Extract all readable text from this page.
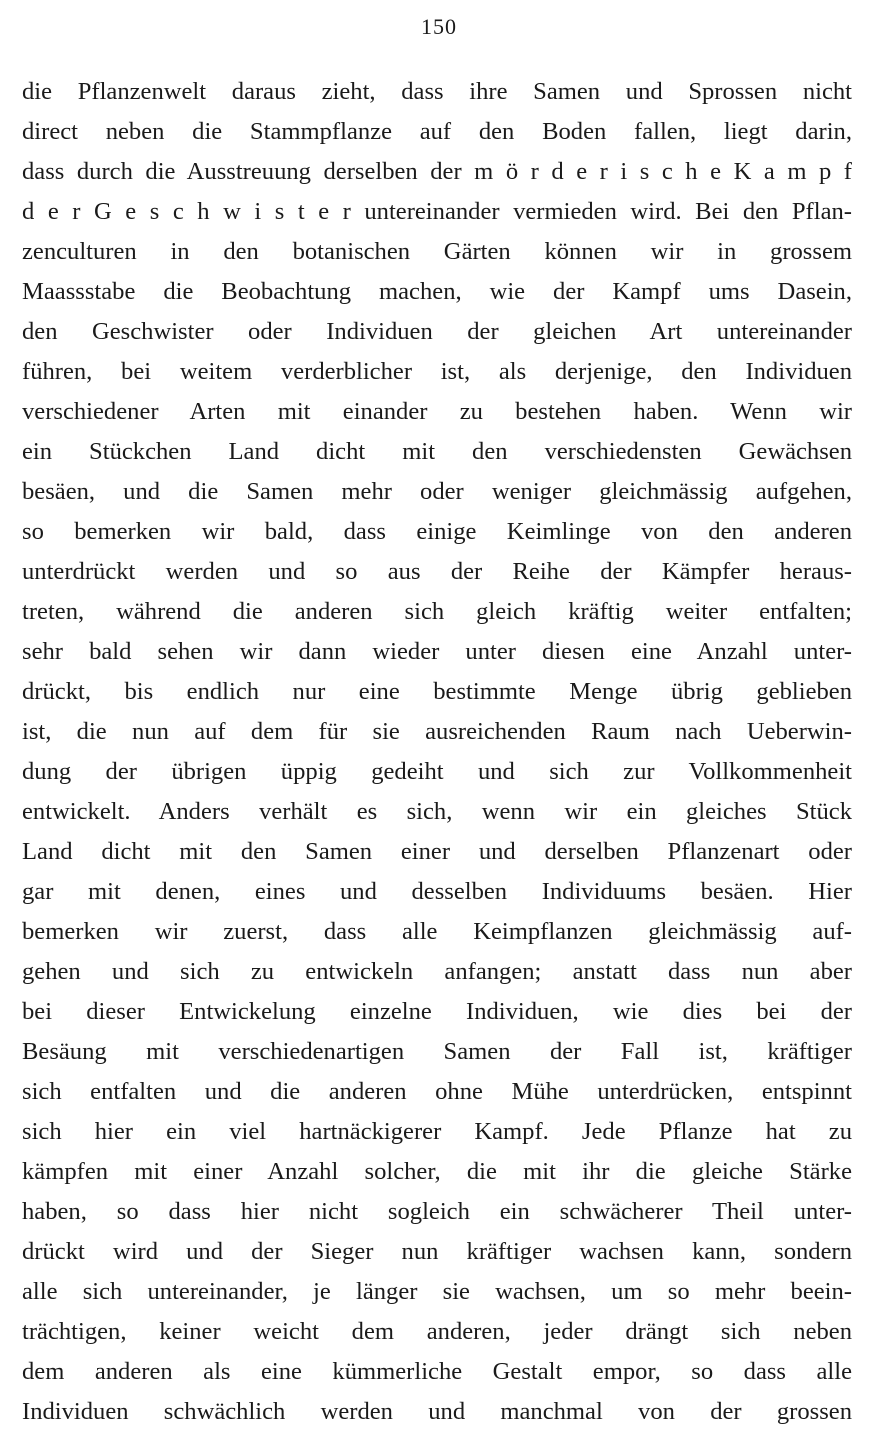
150
die Pflanzenwelt daraus zieht, dass ihre Samen und Sprossen nicht
direct neben die Stammpflanze auf den Boden fallen, liegt darin,
dass durch die Ausstreuung derselben der m ö r d e r i s c h e K a m p f
d e r G e s c h w i s t e r untereinander vermieden wird. Bei den Pflan-
zenculturen in den botanischen Gärten können wir in grossem
Maassstabe die Beobachtung machen, wie der Kampf ums Dasein,
den Geschwister oder Individuen der gleichen Art untereinander
führen, bei weitem verderblicher ist, als derjenige, den Individuen
verschiedener Arten mit einander zu bestehen haben. Wenn wir
ein Stückchen Land dicht mit den verschiedensten Gewächsen
besäen, und die Samen mehr oder weniger gleichmässig aufgehen,
so bemerken wir bald, dass einige Keimlinge von den anderen
unterdrückt werden und so aus der Reihe der Kämpfer heraus-
treten, während die anderen sich gleich kräftig weiter entfalten;
sehr bald sehen wir dann wieder unter diesen eine Anzahl unter-
drückt, bis endlich nur eine bestimmte Menge übrig geblieben
ist, die nun auf dem für sie ausreichenden Raum nach Ueberwin-
dung der übrigen üppig gedeiht und sich zur Vollkommenheit
entwickelt. Anders verhält es sich, wenn wir ein gleiches Stück
Land dicht mit den Samen einer und derselben Pflanzenart oder
gar mit denen, eines und desselben Individuums besäen. Hier
bemerken wir zuerst, dass alle Keimpflanzen gleichmässig auf-
gehen und sich zu entwickeln anfangen; anstatt dass nun aber
bei dieser Entwickelung einzelne Individuen, wie dies bei der
Besäung mit verschiedenartigen Samen der Fall ist, kräftiger
sich entfalten und die anderen ohne Mühe unterdrücken, entspinnt
sich hier ein viel hartnäckigerer Kampf. Jede Pflanze hat zu
kämpfen mit einer Anzahl solcher, die mit ihr die gleiche Stärke
haben, so dass hier nicht sogleich ein schwächerer Theil unter-
drückt wird und der Sieger nun kräftiger wachsen kann, sondern
alle sich untereinander, je länger sie wachsen, um so mehr beein-
trächtigen, keiner weicht dem anderen, jeder drängt sich neben
dem anderen als eine kümmerliche Gestalt empor, so dass alle
Individuen schwächlich werden und manchmal von der grossen
